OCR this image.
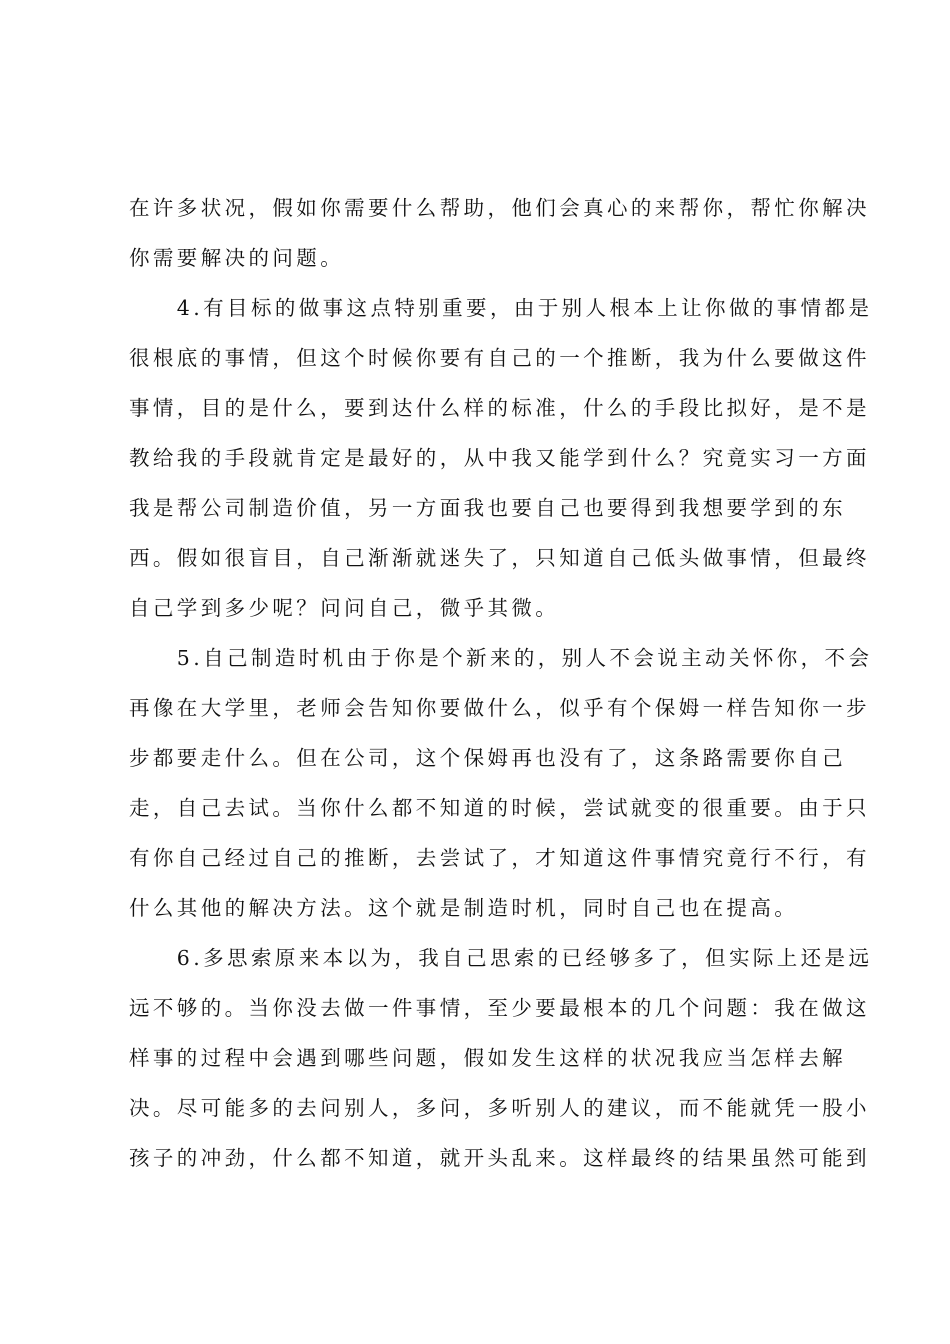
在许多状况，假如你需要什么帮助，他们会真心的来帮你，帮忙你解决
你需要解决的问题。
　　4.有目标的做事这点特别重要，由于别人根本上让你做的事情都是
很根底的事情，但这个时候你要有自己的一个推断，我为什么要做这件
事情，目的是什么，要到达什么样的标准，什么的手段比拟好，是不是
教给我的手段就肯定是最好的，从中我又能学到什么？究竟实习一方面
我是帮公司制造价值，另一方面我也要自己也要得到我想要学到的东
西。假如很盲目，自己渐渐就迷失了，只知道自己低头做事情，但最终
自己学到多少呢？问问自己，微乎其微。
　　5.自己制造时机由于你是个新来的，别人不会说主动关怀你，不会
再像在大学里，老师会告知你要做什么，似乎有个保姆一样告知你一步
步都要走什么。但在公司，这个保姆再也没有了，这条路需要你自己
走，自己去试。当你什么都不知道的时候，尝试就变的很重要。由于只
有你自己经过自己的推断，去尝试了，才知道这件事情究竟行不行，有
什么其他的解决方法。这个就是制造时机，同时自己也在提高。
　　6.多思索原来本以为，我自己思索的已经够多了，但实际上还是远
远不够的。当你没去做一件事情，至少要最根本的几个问题：我在做这
样事的过程中会遇到哪些问题，假如发生这样的状况我应当怎样去解
决。尽可能多的去问别人，多问，多听别人的建议，而不能就凭一股小
孩子的冲劲，什么都不知道，就开头乱来。这样最终的结果虽然可能到
